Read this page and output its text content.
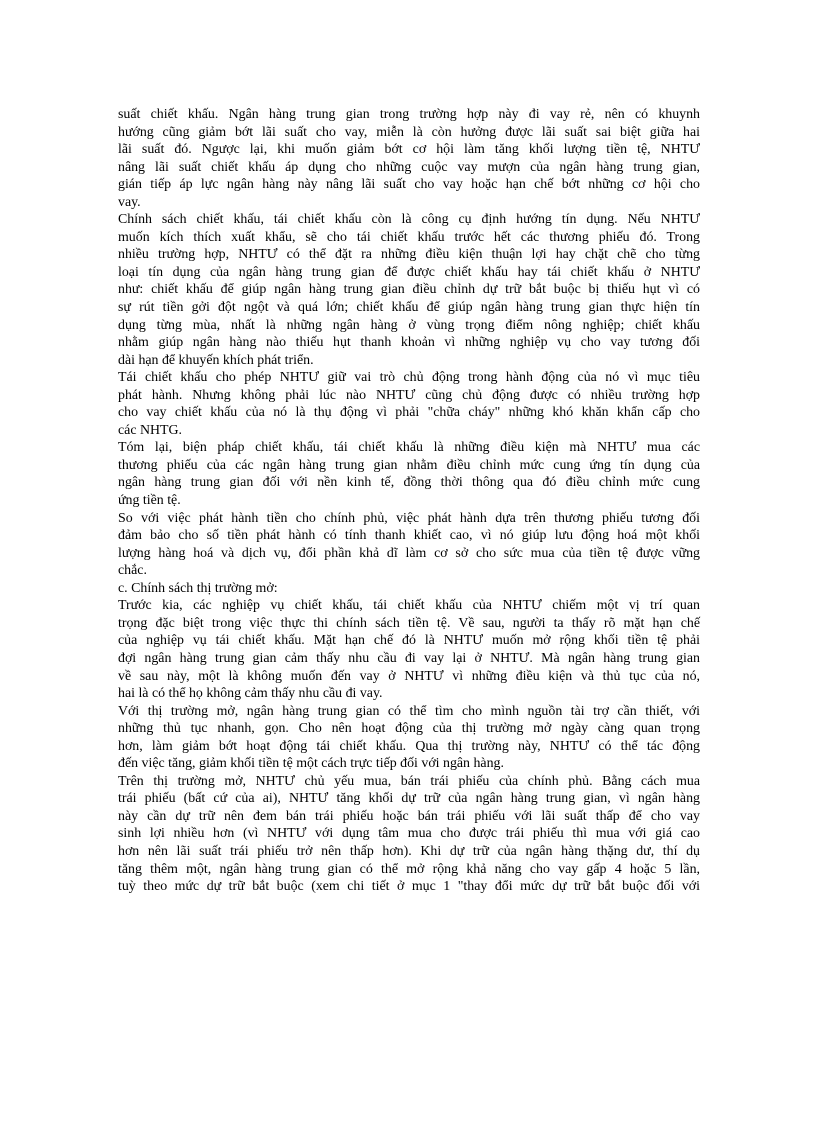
suất chiết khấu. Ngân hàng trung gian trong trường hợp này đi vay rẻ, nên có khuynh
hướng cũng giảm bớt lãi suất cho vay, miễn là còn hưởng được lãi suất sai biệt giữa hai
lãi suất đó. Ngược lại, khi muốn giảm bớt cơ hội làm tăng khối lượng tiền tệ, NHTƯ
nâng lãi suất chiết khấu áp dụng cho những cuộc vay mượn của ngân hàng trung gian,
gián tiếp áp lực ngân hàng này nâng lãi suất cho vay hoặc hạn chế bớt những cơ hội cho
vay.
Chính sách chiết khấu, tái chiết khấu còn là công cụ định hướng tín dụng. Nếu NHTƯ
muốn kích thích xuất khẩu, sẽ cho tái chiết khấu trước hết các thương phiếu đó. Trong
nhiều trường hợp, NHTƯ có thể đặt ra những điều kiện thuận lợi hay chặt chẽ cho từng
loại tín dụng của ngân hàng trung gian để được chiết khấu hay tái chiết khấu ở NHTƯ
như: chiết khấu để giúp ngân hàng trung gian điều chỉnh dự trữ bắt buộc bị thiếu hụt vì có
sự rút tiền gởi đột ngột và quá lớn; chiết khấu để giúp ngân hàng trung gian thực hiện tín
dụng từng mùa, nhất là những ngân hàng ở vùng trọng điểm nông nghiệp; chiết khấu
nhằm giúp ngân hàng nào thiếu hụt thanh khoản vì những nghiệp vụ cho vay tương đối
dài hạn để khuyến khích phát triển.
Tái chiết khấu cho phép NHTƯ giữ vai trò chủ động trong hành động của nó vì mục tiêu
phát hành. Nhưng không phải lúc nào NHTƯ cũng chủ động được có nhiều trường hợp
cho vay chiết khấu của nó là thụ động vì phải "chữa cháy" những khó khăn khẩn cấp cho
các NHTG.
Tóm lại, biện pháp chiết khấu, tái chiết khấu là những điều kiện mà NHTƯ mua các
thương phiếu của các ngân hàng trung gian nhằm điều chỉnh mức cung ứng tín dụng của
ngân hàng trung gian đối với nền kinh tế, đồng thời thông qua đó điều chỉnh mức cung
ứng tiền tệ.
So với việc phát hành tiền cho chính phủ, việc phát hành dựa trên thương phiếu tương đối
đảm bảo cho số tiền phát hành có tính thanh khiết cao, vì nó giúp lưu động hoá một khối
lượng hàng hoá và dịch vụ, đổi phần khả dĩ làm cơ sở cho sức mua của tiền tệ được vững
chắc.
c. Chính sách thị trường mở:
Trước kia, các nghiệp vụ chiết khấu, tái chiết khấu của NHTƯ chiếm một vị trí quan
trọng đặc biệt trong việc thực thi chính sách tiền tệ. Về sau, người ta thấy rõ mặt hạn chế
của nghiệp vụ tái chiết khấu. Mặt hạn chế đó là NHTƯ muốn mở rộng khối tiền tệ phải
đợi ngân hàng trung gian cảm thấy nhu cầu đi vay lại ở NHTƯ. Mà ngân hàng trung gian
về sau này, một là không muốn đến vay ở NHTƯ vì những điều kiện và thủ tục của nó,
hai là có thể họ không cảm thấy nhu cầu đi vay.
Với thị trường mở, ngân hàng trung gian có thể tìm cho mình nguồn tài trợ cần thiết, với
những thủ tục nhanh, gọn. Cho nên hoạt động của thị trường mở ngày càng quan trọng
hơn, làm giảm bớt hoạt động tái chiết khấu. Qua thị trường này, NHTƯ có thể tác động
đến việc tăng, giảm khối tiền tệ một cách trực tiếp đối với ngân hàng.
Trên thị trường mở, NHTƯ chủ yếu mua, bán trái phiếu của chính phủ. Bằng cách mua
trái phiếu (bất cứ của ai), NHTƯ tăng khối dự trữ của ngân hàng trung gian, vì ngân hàng
này cần dự trữ nên đem bán trái phiếu hoặc bán trái phiếu với lãi suất thấp để cho vay
sinh lợi nhiều hơn (vì NHTƯ với dụng tâm mua cho được trái phiếu thì mua với giá cao
hơn nên lãi suất trái phiếu trở nên thấp hơn). Khi dự trữ của ngân hàng thặng dư, thí dụ
tăng thêm một, ngân hàng trung gian có thể mở rộng khả năng cho vay gấp 4 hoặc 5 lần,
tuỳ theo mức dự trữ bắt buộc (xem chi tiết ở mục 1 "thay đổi mức dự trữ bắt buộc đối với
